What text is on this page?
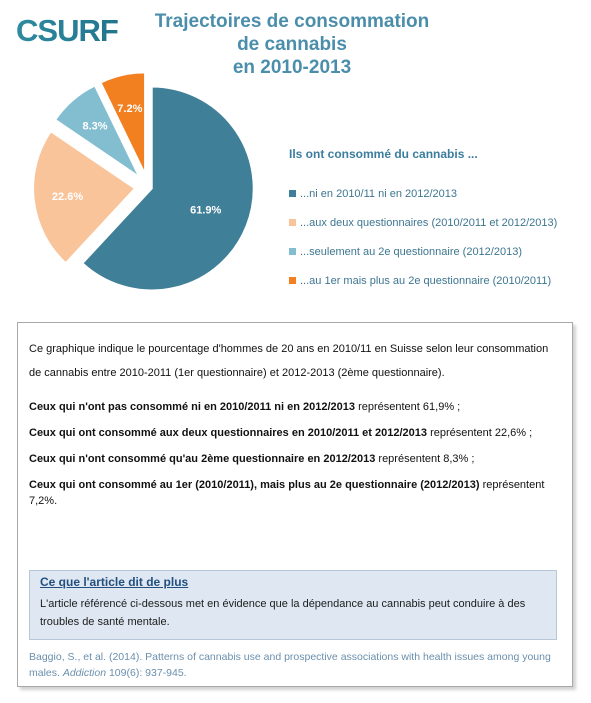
CSURF Trajectoires de consommation de cannabis
en 2010-2013
61.9%
22.6%
8.3%
7.2%
Ils ont consommé du cannabis ...
...ni en 2010/11 ni en 2012/2013
...aux deux questionnaires (2010/2011 et 2012/2013)
...seulement au 2e questionnaire (2012/2013)
...au 1er mais plus au 2e questionnaire (2010/2011)

Ce graphique indique le pourcentage d'hommes de 20 ans en 2010/11 en Suisse selon leur consommation de cannabis entre 2010-2011 (1er questionnaire) et 2012-2013 (2ème questionnaire).

Ceux qui n'ont pas consommé ni en 2010/2011 ni en 2012/2013 représentent 61,9% ;

Ceux qui ont consommé aux deux questionnaires en 2010/2011 et 2012/2013 représentent 22,6% ;

Ceux qui n'ont consommé qu'au 2ème questionnaire en 2012/2013 représentent 8,3% ;

Ceux qui ont consommé au 1er (2010/2011), mais plus au 2e questionnaire (2012/2013) représentent 7,2%.

Ce que l'article dit de plus

L'article référencé ci-dessous met en évidence que la dépendance au cannabis peut conduire à des troubles de santé mentale.

Baggio, S., et al. (2014). Patterns of cannabis use and prospective associations with health issues among young males. Addiction 109(6): 937-945.
